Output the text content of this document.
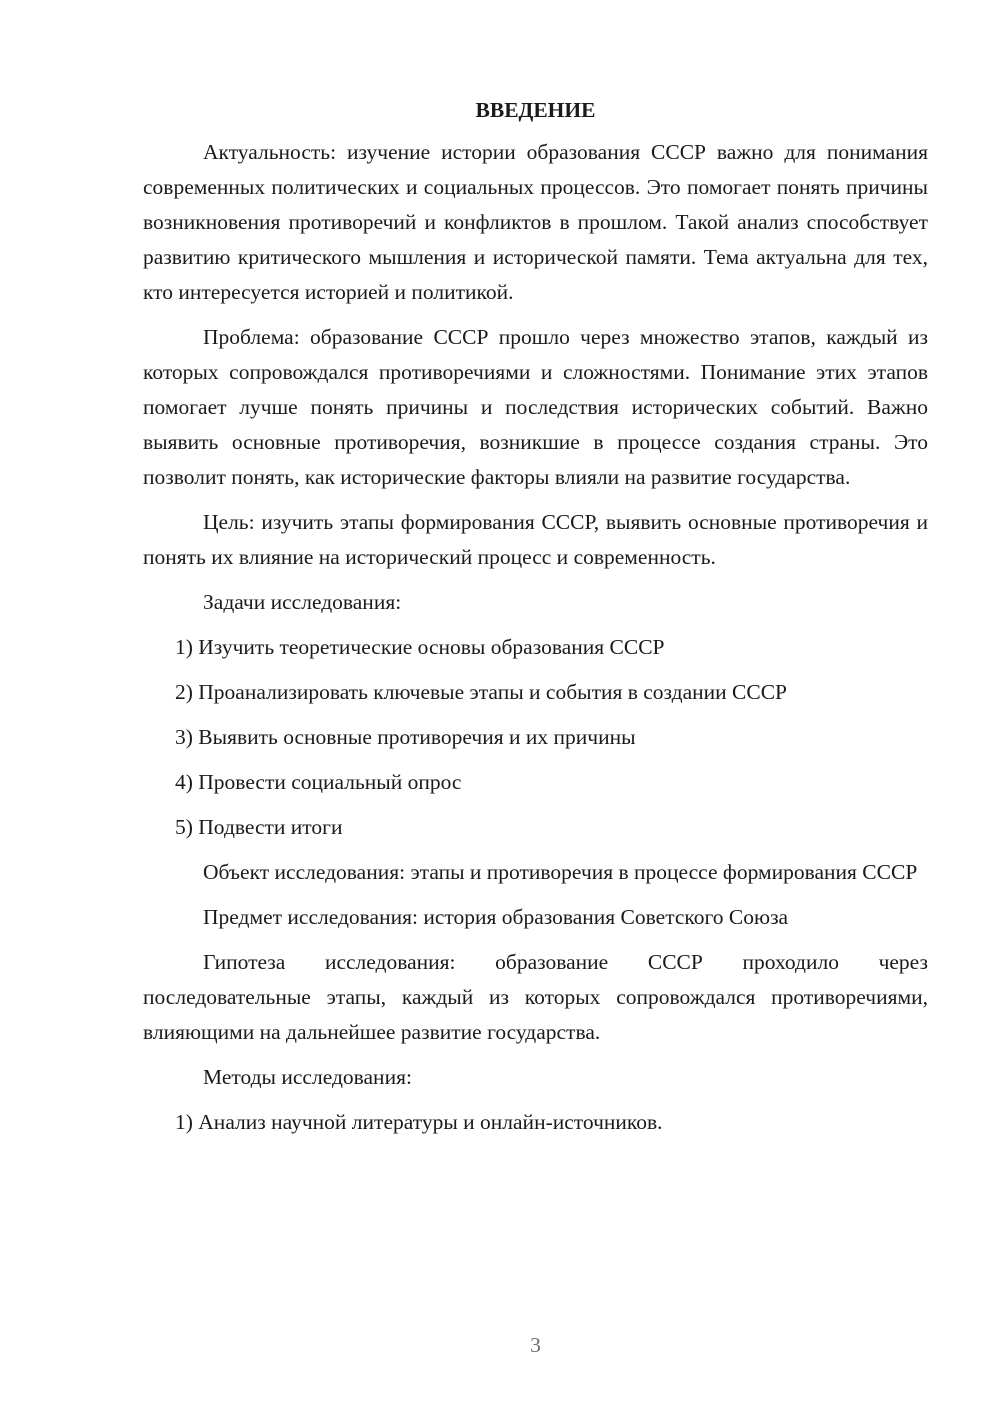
ВВЕДЕНИЕ

Актуальность: изучение истории образования СССР важно для понимания современных политических и социальных процессов. Это помогает понять причины возникновения противоречий и конфликтов в прошлом. Такой анализ способствует развитию критического мышления и исторической памяти. Тема актуальна для тех, кто интересуется историей и политикой.

Проблема: образование СССР прошло через множество этапов, каждый из которых сопровождался противоречиями и сложностями. Понимание этих этапов помогает лучше понять причины и последствия исторических событий. Важно выявить основные противоречия, возникшие в процессе создания страны. Это позволит понять, как исторические факторы влияли на развитие государства.

Цель: изучить этапы формирования СССР, выявить основные противоречия и понять их влияние на исторический процесс и современность.

Задачи исследования:
1) Изучить теоретические основы образования СССР
2) Проанализировать ключевые этапы и события в создании СССР
3) Выявить основные противоречия и их причины
4) Провести социальный опрос
5) Подвести итоги

Объект исследования: этапы и противоречия в процессе формирования СССР

Предмет исследования: история образования Советского Союза

Гипотеза исследования: образование СССР проходило через последовательные этапы, каждый из которых сопровождался противоречиями, влияющими на дальнейшее развитие государства.

Методы исследования:
1) Анализ научной литературы и онлайн-источников.
3
